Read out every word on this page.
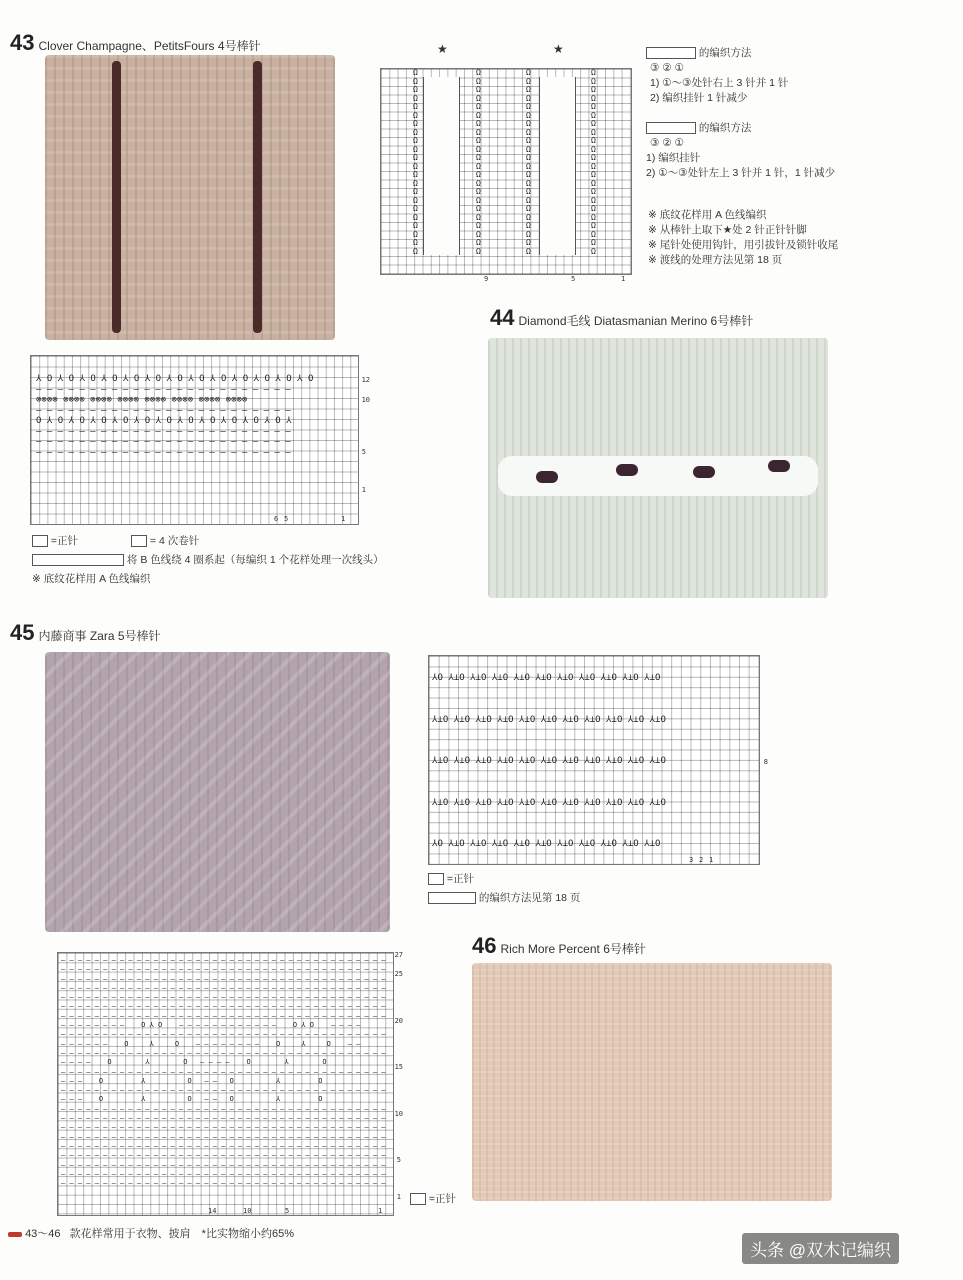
43 Clover Champagne、PetitsFours 4号棒针	★	★
Ω
Ω
Ω
Ω
Ω
Ω
Ω
Ω
Ω
Ω
Ω
Ω
Ω
Ω
Ω
Ω
Ω
Ω
Ω
Ω
Ω
Ω
Ω
Ω
Ω
Ω
Ω
Ω
Ω
Ω
Ω
Ω
Ω
Ω
Ω
Ω
Ω
Ω
Ω
Ω
Ω
Ω
Ω
Ω
Ω
Ω
Ω
Ω
Ω
Ω
Ω
Ω
Ω
Ω
Ω
Ω
Ω
Ω
Ω
Ω
Ω
Ω
Ω
Ω
Ω
Ω
Ω
Ω
Ω
Ω
Ω
Ω
Ω
Ω
Ω
Ω
Ω
Ω
Ω
Ω
Ω
Ω
Ω
Ω
Ω
Ω
Ω
Ω
9	5	1
的编织方法
③ ② ①
1) ①～③处针右上 3 针并 1 针
2) 编织挂针 1 针减少
的编织方法
③ ② ①
1) 编织挂针
2) ①～③处针左上 3 针并 1 针，1 针减少
※ 底纹花样用 A 色线编织
※ 从棒针上取下★处 2 针正针针脚
※ 尾针处使用钩针，用引拔针及锁针收尾
※ 渡线的处理方法见第 18 页
⅄ Ο ⅄ Ο ⅄ Ο ⅄ Ο ⅄ Ο ⅄ Ο ⅄ Ο ⅄ Ο ⅄ Ο ⅄ Ο ⅄ Ο ⅄ Ο ⅄ Ο
— — — — — — — — — — — — — — — — — — — — — — — —
⊗⊗⊗⊗ ⊗⊗⊗⊗ ⊗⊗⊗⊗ ⊗⊗⊗⊗ ⊗⊗⊗⊗ ⊗⊗⊗⊗ ⊗⊗⊗⊗ ⊗⊗⊗⊗
— — — — — — — — — — — — — — — — — — — — — — — —
Ο ⅄ Ο ⅄ Ο ⅄ Ο ⅄ Ο ⅄ Ο ⅄ Ο ⅄ Ο ⅄ Ο ⅄ Ο ⅄ Ο ⅄ Ο ⅄
— — — — — — — — — — — — — — — — — — — — — — — —
— — — — — — — — — — — — — — — — — — — — — — — —
— — — — — — — — — — — — — — — — — — — — — — — —
12
10
5
1
6 5	1
=正针	= 4 次卷针
将 B 色线绕 4 圈系起（每编织 1 个花样处理一次线头）
※ 底纹花样用 A 色线编织
44 Diamond毛线 Diatasmanian Merino 6号棒针
45 内藤商事 Zara 5号棒针
⅄Ο ⅄⊥Ο ⅄⊥Ο ⅄⊥Ο ⅄⊥Ο ⅄⊥Ο ⅄⊥Ο ⅄⊥Ο ⅄⊥Ο ⅄⊥Ο ⅄⊥Ο
⅄⊥Ο ⅄⊥Ο ⅄⊥Ο ⅄⊥Ο ⅄⊥Ο ⅄⊥Ο ⅄⊥Ο ⅄⊥Ο ⅄⊥Ο ⅄⊥Ο ⅄⊥Ο
⅄⊥Ο ⅄⊥Ο ⅄⊥Ο ⅄⊥Ο ⅄⊥Ο ⅄⊥Ο ⅄⊥Ο ⅄⊥Ο ⅄⊥Ο ⅄⊥Ο ⅄⊥Ο
⅄⊥Ο ⅄⊥Ο ⅄⊥Ο ⅄⊥Ο ⅄⊥Ο ⅄⊥Ο ⅄⊥Ο ⅄⊥Ο ⅄⊥Ο ⅄⊥Ο ⅄⊥Ο
⅄Ο ⅄⊥Ο ⅄⊥Ο ⅄⊥Ο ⅄⊥Ο ⅄⊥Ο ⅄⊥Ο ⅄⊥Ο ⅄⊥Ο ⅄⊥Ο ⅄⊥Ο
8
3 2 1
=正针
的编织方法见第 18 页
46 Rich More Percent 6号棒针
— — — — — — — — — — — — — — — — — — — — — — — — — — — — — — — — — — — — — — —
— — — — — — — — — — — — — — — — — — — — — — — — — — — — — — — — — — — — — — —
— — — — — — — — — — — — — — — — — — — — — — — — — — — — — — — — — — — — — — —
— — — — — — — — — — — — — — — — — — — — — — — — — — — — — — — — — — — — — — —
— — — — — — — — — — — — — — — — — — — — — — — — — — — — — — — — — — — — — — —
— — — — — — — — — — — — — — — — — — — — — — — — — — — — — — — — — — — — — — —
— — — — — — — — — — — — — — — — — — — — — — — — — — — — — — — — — — — — — — —
— — — — — — — —    Ο ⅄ Ο    — — — — — — — — — — — —    Ο ⅄ Ο    — — — —
— — — — — — — — — — — — — — — — — — — — — — — — — — — — — — — — — — — — — — —
— — — — — —    Ο     ⅄     Ο    — — — — — — — —    Ο     ⅄     Ο    — —
— — — — — — — — — — — — — — — — — — — — — — — — — — — — — — — — — — — — — — —
— — — —    Ο        ⅄        Ο   — — — —    Ο        ⅄        Ο
— — — — — — — — — — — — — — — — — — — — — — — — — — — — — — — — — — — — — — —
— — —    Ο         ⅄          Ο   — —   Ο          ⅄         Ο
— — — — — — — — — — — — — — — — — — — — — — — — — — — — — — — — — — — — — — —
— — —    Ο         ⅄          Ο   — —   Ο          ⅄         Ο
— — — — — — — — — — — — — — — — — — — — — — — — — — — — — — — — — — — — — — —
— — — — — — — — — — — — — — — — — — — — — — — — — — — — — — — — — — — — — — —
— — — — — — — — — — — — — — — — — — — — — — — — — — — — — — — — — — — — — — —
— — — — — — — — — — — — — — — — — — — — — — — — — — — — — — — — — — — — — — —
— — — — — — — — — — — — — — — — — — — — — — — — — — — — — — — — — — — — — — —
— — — — — — — — — — — — — — — — — — — — — — — — — — — — — — — — — — — — — — —
— — — — — — — — — — — — — — — — — — — — — — — — — — — — — — — — — — — — — — —
— — — — — — — — — — — — — — — — — — — — — — — — — — — — — — — — — — — — — — —
— — — — — — — — — — — — — — — — — — — — — — — — — — — — — — — — — — — — — — —
27
25
20
15
10
5
1
14	10	5	1
=正针
43～46 款花样常用于衣物、披肩 *比实物缩小约65%
头条 @双木记编织
